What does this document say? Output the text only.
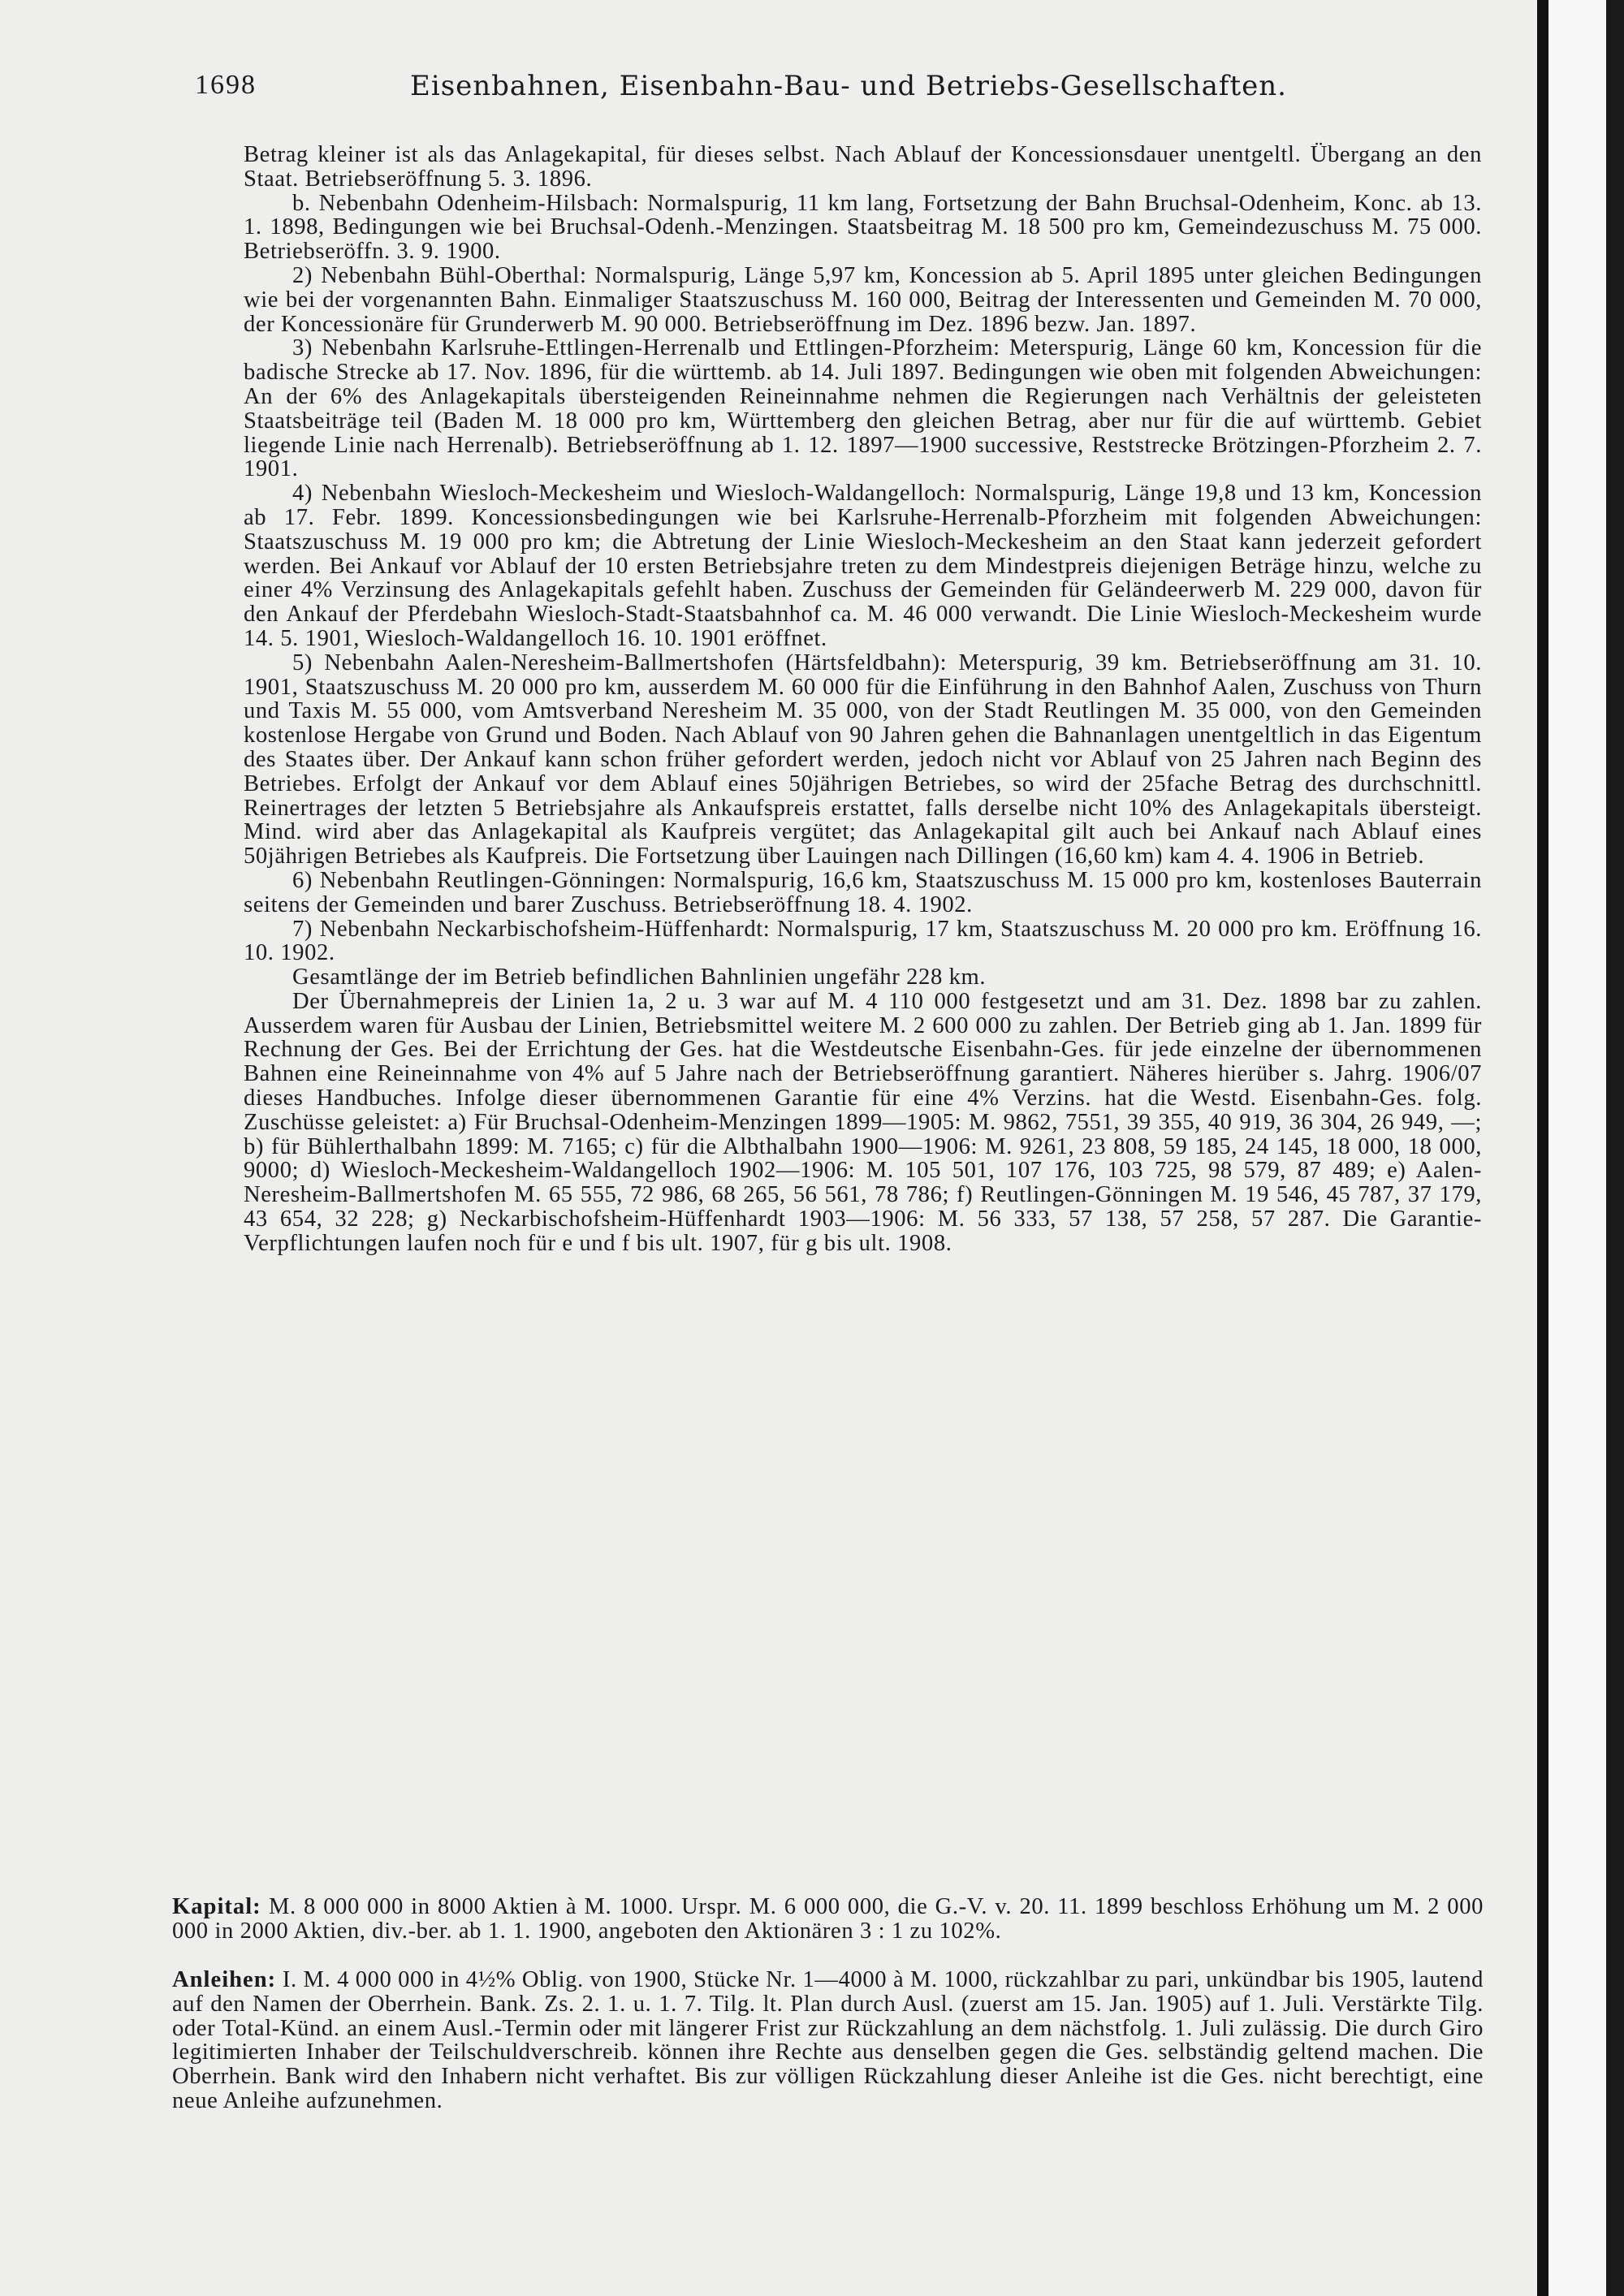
1698	Eisenbahnen, Eisenbahn-Bau- und Betriebs-Gesellschaften.

Betrag kleiner ist als das Anlagekapital, für dieses selbst. Nach Ablauf der Koncessionsdauer unentgeltl. Übergang an den Staat. Betriebseröffnung 5. 3. 1896.

b. Nebenbahn Odenheim-Hilsbach: Normalspurig, 11 km lang, Fortsetzung der Bahn Bruchsal-Odenheim, Konc. ab 13. 1. 1898, Bedingungen wie bei Bruchsal-Odenh.-Menzingen. Staatsbeitrag M. 18 500 pro km, Gemeindezuschuss M. 75 000. Betriebseröffn. 3. 9. 1900.

2) Nebenbahn Bühl-Oberthal: Normalspurig, Länge 5,97 km, Koncession ab 5. April 1895 unter gleichen Bedingungen wie bei der vorgenannten Bahn. Einmaliger Staatszuschuss M. 160 000, Beitrag der Interessenten und Gemeinden M. 70 000, der Koncessionäre für Grunderwerb M. 90 000. Betriebseröffnung im Dez. 1896 bezw. Jan. 1897.

3) Nebenbahn Karlsruhe-Ettlingen-Herrenalb und Ettlingen-Pforzheim: Meterspurig, Länge 60 km, Koncession für die badische Strecke ab 17. Nov. 1896, für die württemb. ab 14. Juli 1897. Bedingungen wie oben mit folgenden Abweichungen: An der 6% des Anlagekapitals übersteigenden Reineinnahme nehmen die Regierungen nach Verhältnis der geleisteten Staatsbeiträge teil (Baden M. 18 000 pro km, Württemberg den gleichen Betrag, aber nur für die auf württemb. Gebiet liegende Linie nach Herrenalb). Betriebseröffnung ab 1. 12. 1897—1900 successive, Reststrecke Brötzingen-Pforzheim 2. 7. 1901.

4) Nebenbahn Wiesloch-Meckesheim und Wiesloch-Waldangelloch: Normalspurig, Länge 19,8 und 13 km, Koncession ab 17. Febr. 1899. Koncessionsbedingungen wie bei Karlsruhe-Herrenalb-Pforzheim mit folgenden Abweichungen: Staatszuschuss M. 19 000 pro km; die Abtretung der Linie Wiesloch-Meckesheim an den Staat kann jederzeit gefordert werden. Bei Ankauf vor Ablauf der 10 ersten Betriebsjahre treten zu dem Mindestpreis diejenigen Beträge hinzu, welche zu einer 4% Verzinsung des Anlagekapitals gefehlt haben. Zuschuss der Gemeinden für Geländeerwerb M. 229 000, davon für den Ankauf der Pferdebahn Wiesloch-Stadt-Staatsbahnhof ca. M. 46 000 verwandt. Die Linie Wiesloch-Meckesheim wurde 14. 5. 1901, Wiesloch-Waldangelloch 16. 10. 1901 eröffnet.

5) Nebenbahn Aalen-Neresheim-Ballmertshofen (Härtsfeldbahn): Meterspurig, 39 km. Betriebseröffnung am 31. 10. 1901, Staatszuschuss M. 20 000 pro km, ausserdem M. 60 000 für die Einführung in den Bahnhof Aalen, Zuschuss von Thurn und Taxis M. 55 000, vom Amtsverband Neresheim M. 35 000, von der Stadt Reutlingen M. 35 000, von den Gemeinden kostenlose Hergabe von Grund und Boden. Nach Ablauf von 90 Jahren gehen die Bahnanlagen unentgeltlich in das Eigentum des Staates über. Der Ankauf kann schon früher gefordert werden, jedoch nicht vor Ablauf von 25 Jahren nach Beginn des Betriebes. Erfolgt der Ankauf vor dem Ablauf eines 50jährigen Betriebes, so wird der 25fache Betrag des durchschnittl. Reinertrages der letzten 5 Betriebsjahre als Ankaufspreis erstattet, falls derselbe nicht 10% des Anlagekapitals übersteigt. Mind. wird aber das Anlagekapital als Kaufpreis vergütet; das Anlagekapital gilt auch bei Ankauf nach Ablauf eines 50jährigen Betriebes als Kaufpreis. Die Fortsetzung über Lauingen nach Dillingen (16,60 km) kam 4. 4. 1906 in Betrieb.

6) Nebenbahn Reutlingen-Gönningen: Normalspurig, 16,6 km, Staatszuschuss M. 15 000 pro km, kostenloses Bauterrain seitens der Gemeinden und barer Zuschuss. Betriebseröffnung 18. 4. 1902.

7) Nebenbahn Neckarbischofsheim-Hüffenhardt: Normalspurig, 17 km, Staatszuschuss M. 20 000 pro km. Eröffnung 16. 10. 1902.

Gesamtlänge der im Betrieb befindlichen Bahnlinien ungefähr 228 km.

Der Übernahmepreis der Linien 1a, 2 u. 3 war auf M. 4 110 000 festgesetzt und am 31. Dez. 1898 bar zu zahlen. Ausserdem waren für Ausbau der Linien, Betriebsmittel weitere M. 2 600 000 zu zahlen. Der Betrieb ging ab 1. Jan. 1899 für Rechnung der Ges. Bei der Errichtung der Ges. hat die Westdeutsche Eisenbahn-Ges. für jede einzelne der übernommenen Bahnen eine Reineinnahme von 4% auf 5 Jahre nach der Betriebseröffnung garantiert. Näheres hierüber s. Jahrg. 1906/07 dieses Handbuches. Infolge dieser übernommenen Garantie für eine 4% Verzins. hat die Westd. Eisenbahn-Ges. folg. Zuschüsse geleistet: a) Für Bruchsal-Odenheim-Menzingen 1899—1905: M. 9862, 7551, 39 355, 40 919, 36 304, 26 949, —; b) für Bühlerthalbahn 1899: M. 7165; c) für die Albthalbahn 1900—1906: M. 9261, 23 808, 59 185, 24 145, 18 000, 18 000, 9000; d) Wiesloch-Meckesheim-Waldangelloch 1902—1906: M. 105 501, 107 176, 103 725, 98 579, 87 489; e) Aalen-Neresheim-Ballmertshofen M. 65 555, 72 986, 68 265, 56 561, 78 786; f) Reutlingen-Gönningen M. 19 546, 45 787, 37 179, 43 654, 32 228; g) Neckarbischofsheim-Hüffenhardt 1903—1906: M. 56 333, 57 138, 57 258, 57 287. Die Garantie-Verpflichtungen laufen noch für e und f bis ult. 1907, für g bis ult. 1908.

Kapital: M. 8 000 000 in 8000 Aktien à M. 1000. Urspr. M. 6 000 000, die G.-V. v. 20. 11. 1899 beschloss Erhöhung um M. 2 000 000 in 2000 Aktien, div.-ber. ab 1. 1. 1900, angeboten den Aktionären 3 : 1 zu 102%.
Anleihen: I. M. 4 000 000 in 4½% Oblig. von 1900, Stücke Nr. 1—4000 à M. 1000, rückzahlbar zu pari, unkündbar bis 1905, lautend auf den Namen der Oberrhein. Bank. Zs. 2. 1. u. 1. 7. Tilg. lt. Plan durch Ausl. (zuerst am 15. Jan. 1905) auf 1. Juli. Verstärkte Tilg. oder Total-Künd. an einem Ausl.-Termin oder mit längerer Frist zur Rückzahlung an dem nächstfolg. 1. Juli zulässig. Die durch Giro legitimierten Inhaber der Teilschuldverschreib. können ihre Rechte aus denselben gegen die Ges. selbständig geltend machen. Die Oberrhein. Bank wird den Inhabern nicht verhaftet. Bis zur völligen Rückzahlung dieser Anleihe ist die Ges. nicht berechtigt, eine neue Anleihe aufzunehmen.
